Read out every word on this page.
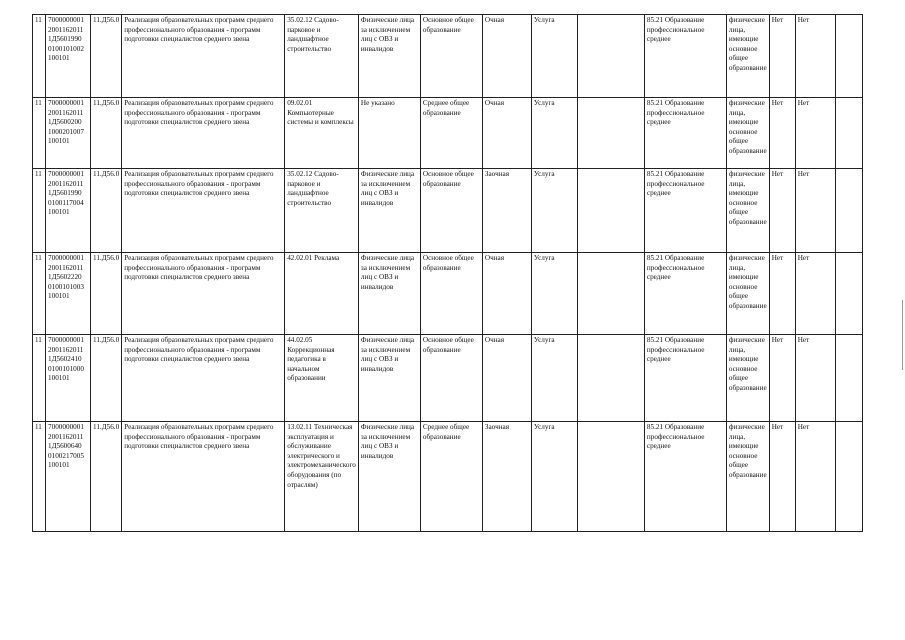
11	7000000001 2001162011 1Д5601990 0100101002 100101	11.Д56.0	Реализация образовательных программ среднего профессионального образования - программ подготовки специалистов среднего звена	35.02.12 Садово-парковое и ландшафтное строительство	Физические лица за исключением лиц с ОВЗ и инвалидов	Основное общее образование	Очная	Услуга		85.21 Образование профессиональное среднее	физические лица, имеющие основное общее образование	Нет	Нет	
11	7000000001 2001162011 1Д5600200 1000201007 100101	11.Д56.0	Реализация образовательных программ среднего профессионального образования - программ подготовки специалистов среднего звена	09.02.01 Компьютерные системы и комплексы	Не указано	Среднее общее образование	Очная	Услуга		85.21 Образование профессиональное среднее	физические лица, имеющие основное общее образование	Нет	Нет	
11	7000000001 2001162011 1Д5601990 0100117004 100101	11.Д56.0	Реализация образовательных программ среднего профессионального образования - программ подготовки специалистов среднего звена	35.02.12 Садово-парковое и ландшафтное строительство	Физические лица за исключением лиц с ОВЗ и инвалидов	Основное общее образование	Заочная	Услуга		85.21 Образование профессиональное среднее	физические лица, имеющие основное общее образование	Нет	Нет	
11	7000000001 2001162011 1Д5602220 0100101003 100101	11.Д56.0	Реализация образовательных программ среднего профессионального образования - программ подготовки специалистов среднего звена	42.02.01 Реклама	Физические лица за исключением лиц с ОВЗ и инвалидов	Основное общее образование	Очная	Услуга		85.21 Образование профессиональное среднее	физические лица, имеющие основное общее образование	Нет	Нет	
11	7000000001 2001162011 1Д5602410 0100101000 100101	11.Д56.0	Реализация образовательных программ среднего профессионального образования - программ подготовки специалистов среднего звена	44.02.05 Коррекционная педагогика в начальном образовании	Физические лица за исключением лиц с ОВЗ и инвалидов	Основное общее образование	Очная	Услуга		85.21 Образование профессиональное среднее	физические лица, имеющие основное общее образование	Нет	Нет	
11	7000000001 2001162011 1Д5600640 0100217005 100101	11.Д56.0	Реализация образовательных программ среднего профессионального образования - программ подготовки специалистов среднего звена	13.02.11 Техническая эксплуатация и обслуживание электрического и электромеханического оборудования (по отраслям)	Физические лица за исключением лиц с ОВЗ и инвалидов	Среднее общее образование	Заочная	Услуга		85.21 Образование профессиональное среднее	физические лица, имеющие основное общее образование	Нет	Нет	
